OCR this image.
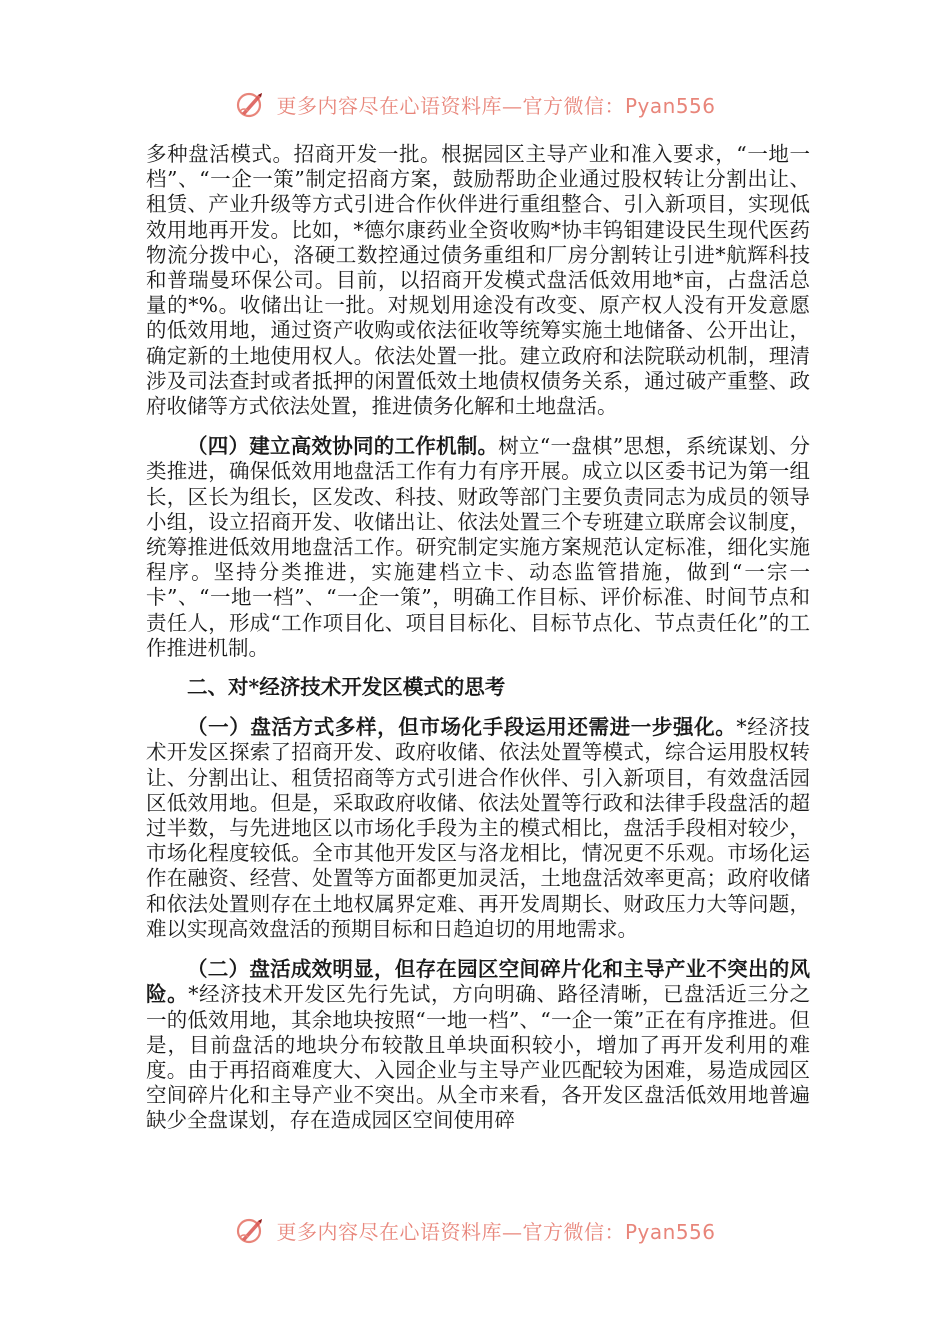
更多内容尽在心语资料库—官方微信：Pyan556

多种盘活模式。招商开发一批。根据园区主导产业和准入要求，“一地一档”、“一企一策”制定招商方案，鼓励帮助企业通过股权转让分割出让、租赁、产业升级等方式引进合作伙伴进行重组整合、引入新项目，实现低效用地再开发。比如，*德尔康药业全资收购*协丰钨钼建设民生现代医药物流分拨中心，洛硬工数控通过债务重组和厂房分割转让引进*航辉科技和普瑞曼环保公司。目前，以招商开发模式盘活低效用地*亩，占盘活总量的*%。收储出让一批。对规划用途没有改变、原产权人没有开发意愿的低效用地，通过资产收购或依法征收等统筹实施土地储备、公开出让，确定新的土地使用权人。依法处置一批。建立政府和法院联动机制，理清涉及司法查封或者抵押的闲置低效土地债权债务关系，通过破产重整、政府收储等方式依法处置，推进债务化解和土地盘活。

（四）建立高效协同的工作机制。树立“一盘棋”思想，系统谋划、分类推进，确保低效用地盘活工作有力有序开展。成立以区委书记为第一组长，区长为组长，区发改、科技、财政等部门主要负责同志为成员的领导小组，设立招商开发、收储出让、依法处置三个专班建立联席会议制度，统筹推进低效用地盘活工作。研究制定实施方案规范认定标准，细化实施程序。坚持分类推进，实施建档立卡、动态监管措施，做到“一宗一卡”、“一地一档”、“一企一策”，明确工作目标、评价标准、时间节点和责任人，形成“工作项目化、项目目标化、目标节点化、节点责任化”的工作推进机制。

二、对*经济技术开发区模式的思考

（一）盘活方式多样，但市场化手段运用还需进一步强化。*经济技术开发区探索了招商开发、政府收储、依法处置等模式，综合运用股权转让、分割出让、租赁招商等方式引进合作伙伴、引入新项目，有效盘活园区低效用地。但是，采取政府收储、依法处置等行政和法律手段盘活的超过半数，与先进地区以市场化手段为主的模式相比，盘活手段相对较少，市场化程度较低。全市其他开发区与洛龙相比，情况更不乐观。市场化运作在融资、经营、处置等方面都更加灵活，土地盘活效率更高；政府收储和依法处置则存在土地权属界定难、再开发周期长、财政压力大等问题，难以实现高效盘活的预期目标和日趋迫切的用地需求。

（二）盘活成效明显，但存在园区空间碎片化和主导产业不突出的风险。*经济技术开发区先行先试，方向明确、路径清晰，已盘活近三分之一的低效用地，其余地块按照“一地一档”、“一企一策”正在有序推进。但是，目前盘活的地块分布较散且单块面积较小，增加了再开发利用的难度。由于再招商难度大、入园企业与主导产业匹配较为困难，易造成园区空间碎片化和主导产业不突出。从全市来看，各开发区盘活低效用地普遍缺少全盘谋划，存在造成园区空间使用碎

更多内容尽在心语资料库—官方微信：Pyan556
